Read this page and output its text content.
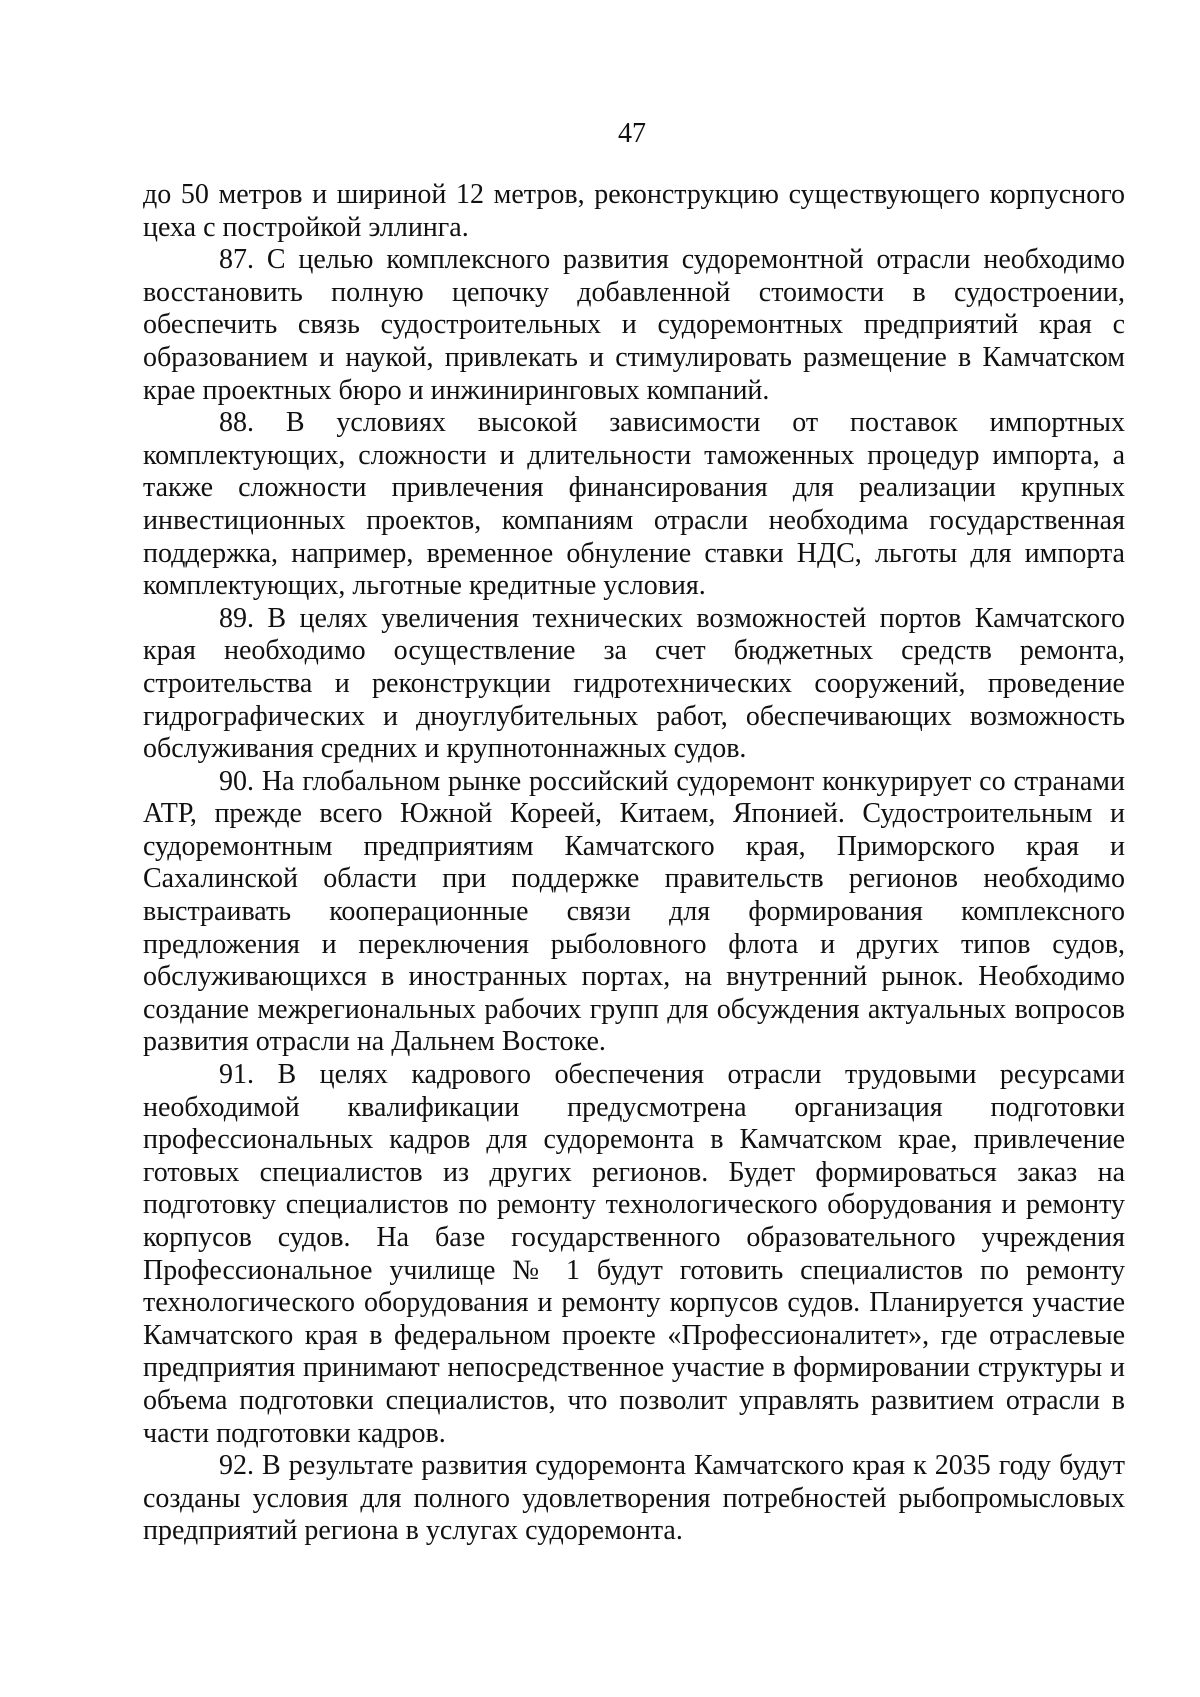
47

до 50 метров и шириной 12 метров, реконструкцию существующего корпусного цеха с постройкой эллинга.

87. С целью комплексного развития судоремонтной отрасли необходимо восстановить полную цепочку добавленной стоимости в судостроении, обеспечить связь судостроительных и судоремонтных предприятий края с образованием и наукой, привлекать и стимулировать размещение в Камчатском крае проектных бюро и инжиниринговых компаний.

88. В условиях высокой зависимости от поставок импортных комплектующих, сложности и длительности таможенных процедур импорта, а также сложности привлечения финансирования для реализации крупных инвестиционных проектов, компаниям отрасли необходима государственная поддержка, например, временное обнуление ставки НДС, льготы для импорта комплектующих, льготные кредитные условия.

89. В целях увеличения технических возможностей портов Камчатского края необходимо осуществление за счет бюджетных средств ремонта, строительства и реконструкции гидротехнических сооружений, проведение гидрографических и дноуглубительных работ, обеспечивающих возможность обслуживания средних и крупнотоннажных судов.

90. На глобальном рынке российский судоремонт конкурирует со странами АТР, прежде всего Южной Кореей, Китаем, Японией. Судостроительным и судоремонтным предприятиям Камчатского края, Приморского края и Сахалинской области при поддержке правительств регионов необходимо выстраивать кооперационные связи для формирования комплексного предложения и переключения рыболовного флота и других типов судов, обслуживающихся в иностранных портах, на внутренний рынок. Необходимо создание межрегиональных рабочих групп для обсуждения актуальных вопросов развития отрасли на Дальнем Востоке.

91. В целях кадрового обеспечения отрасли трудовыми ресурсами необходимой квалификации предусмотрена организация подготовки профессиональных кадров для судоремонта в Камчатском крае, привлечение готовых специалистов из других регионов. Будет формироваться заказ на подготовку специалистов по ремонту технологического оборудования и ремонту корпусов судов. На базе государственного образовательного учреждения Профессиональное училище № 1 будут готовить специалистов по ремонту технологического оборудования и ремонту корпусов судов. Планируется участие Камчатского края в федеральном проекте «Профессионалитет», где отраслевые предприятия принимают непосредственное участие в формировании структуры и объема подготовки специалистов, что позволит управлять развитием отрасли в части подготовки кадров.

92. В результате развития судоремонта Камчатского края к 2035 году будут созданы условия для полного удовлетворения потребностей рыбопромысловых предприятий региона в услугах судоремонта.
